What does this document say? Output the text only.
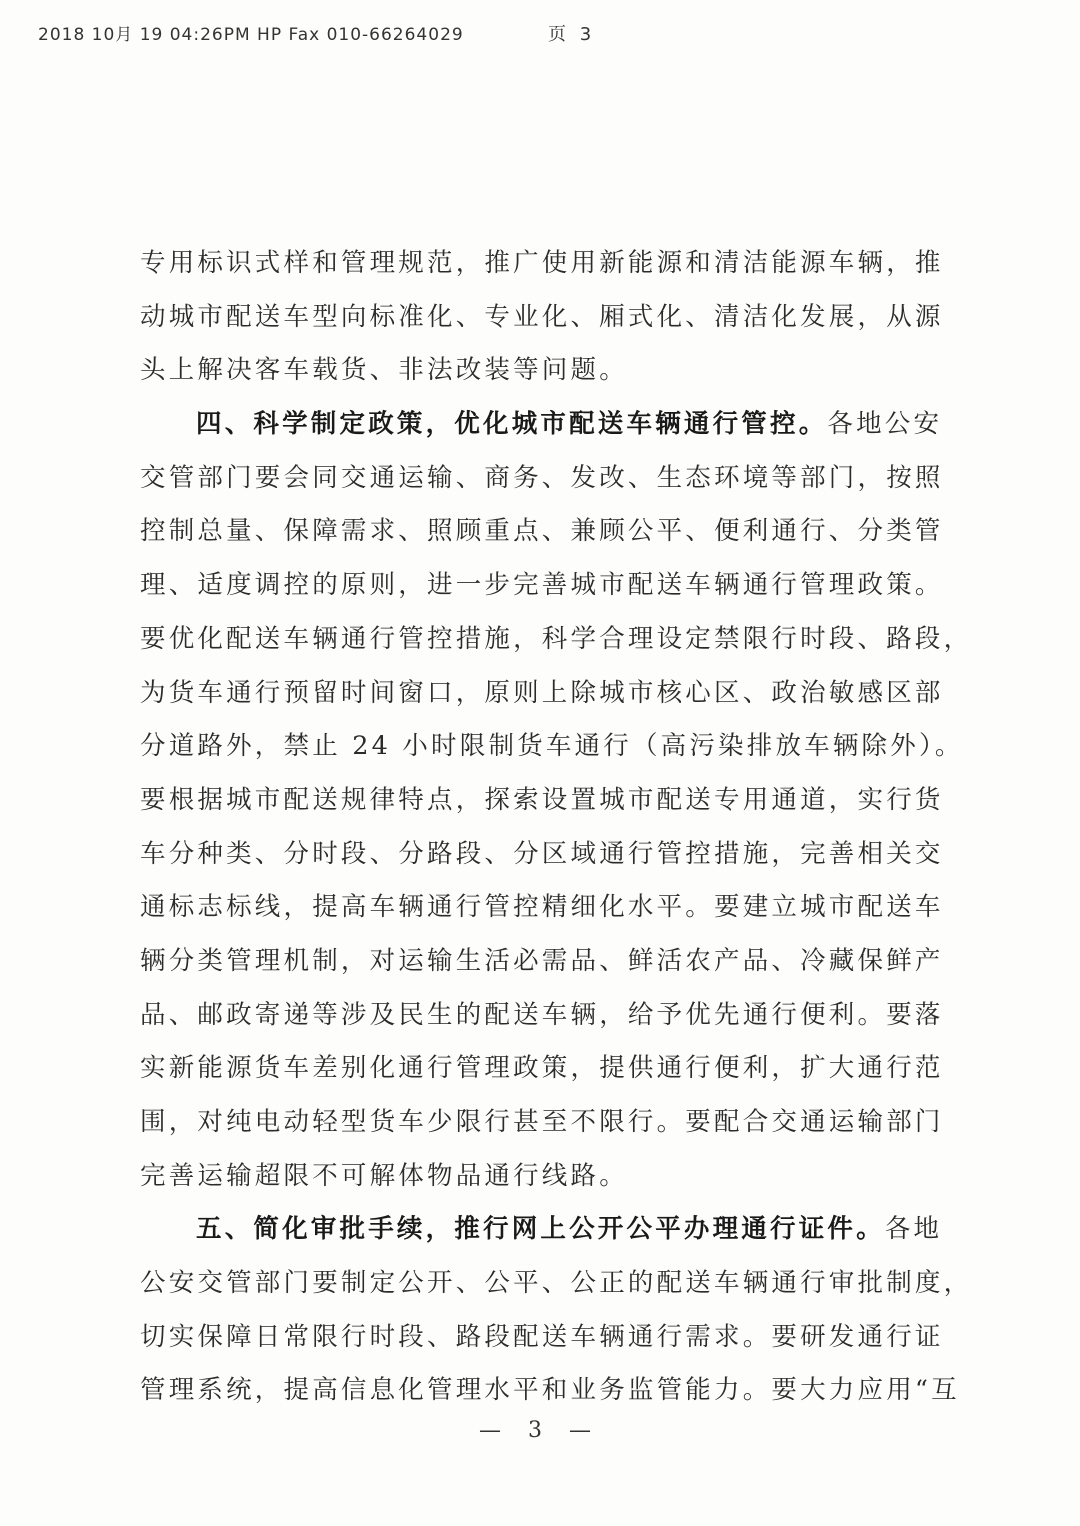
2018 10月 19 04:26PM HP Fax 010-66264029	页 3
专用标识式样和管理规范，推广使用新能源和清洁能源车辆，推
动城市配送车型向标准化、专业化、厢式化、清洁化发展，从源
头上解决客车载货、非法改装等问题。
四、科学制定政策，优化城市配送车辆通行管控。各地公安
交管部门要会同交通运输、商务、发改、生态环境等部门，按照
控制总量、保障需求、照顾重点、兼顾公平、便利通行、分类管
理、适度调控的原则，进一步完善城市配送车辆通行管理政策。
要优化配送车辆通行管控措施，科学合理设定禁限行时段、路段，
为货车通行预留时间窗口，原则上除城市核心区、政治敏感区部
分道路外，禁止 24 小时限制货车通行（高污染排放车辆除外）。
要根据城市配送规律特点，探索设置城市配送专用通道，实行货
车分种类、分时段、分路段、分区域通行管控措施，完善相关交
通标志标线，提高车辆通行管控精细化水平。要建立城市配送车
辆分类管理机制，对运输生活必需品、鲜活农产品、冷藏保鲜产
品、邮政寄递等涉及民生的配送车辆，给予优先通行便利。要落
实新能源货车差别化通行管理政策，提供通行便利，扩大通行范
围，对纯电动轻型货车少限行甚至不限行。要配合交通运输部门
完善运输超限不可解体物品通行线路。
五、简化审批手续，推行网上公开公平办理通行证件。各地
公安交管部门要制定公开、公平、公正的配送车辆通行审批制度，
切实保障日常限行时段、路段配送车辆通行需求。要研发通行证
管理系统，提高信息化管理水平和业务监管能力。要大力应用“互
— 3 —
